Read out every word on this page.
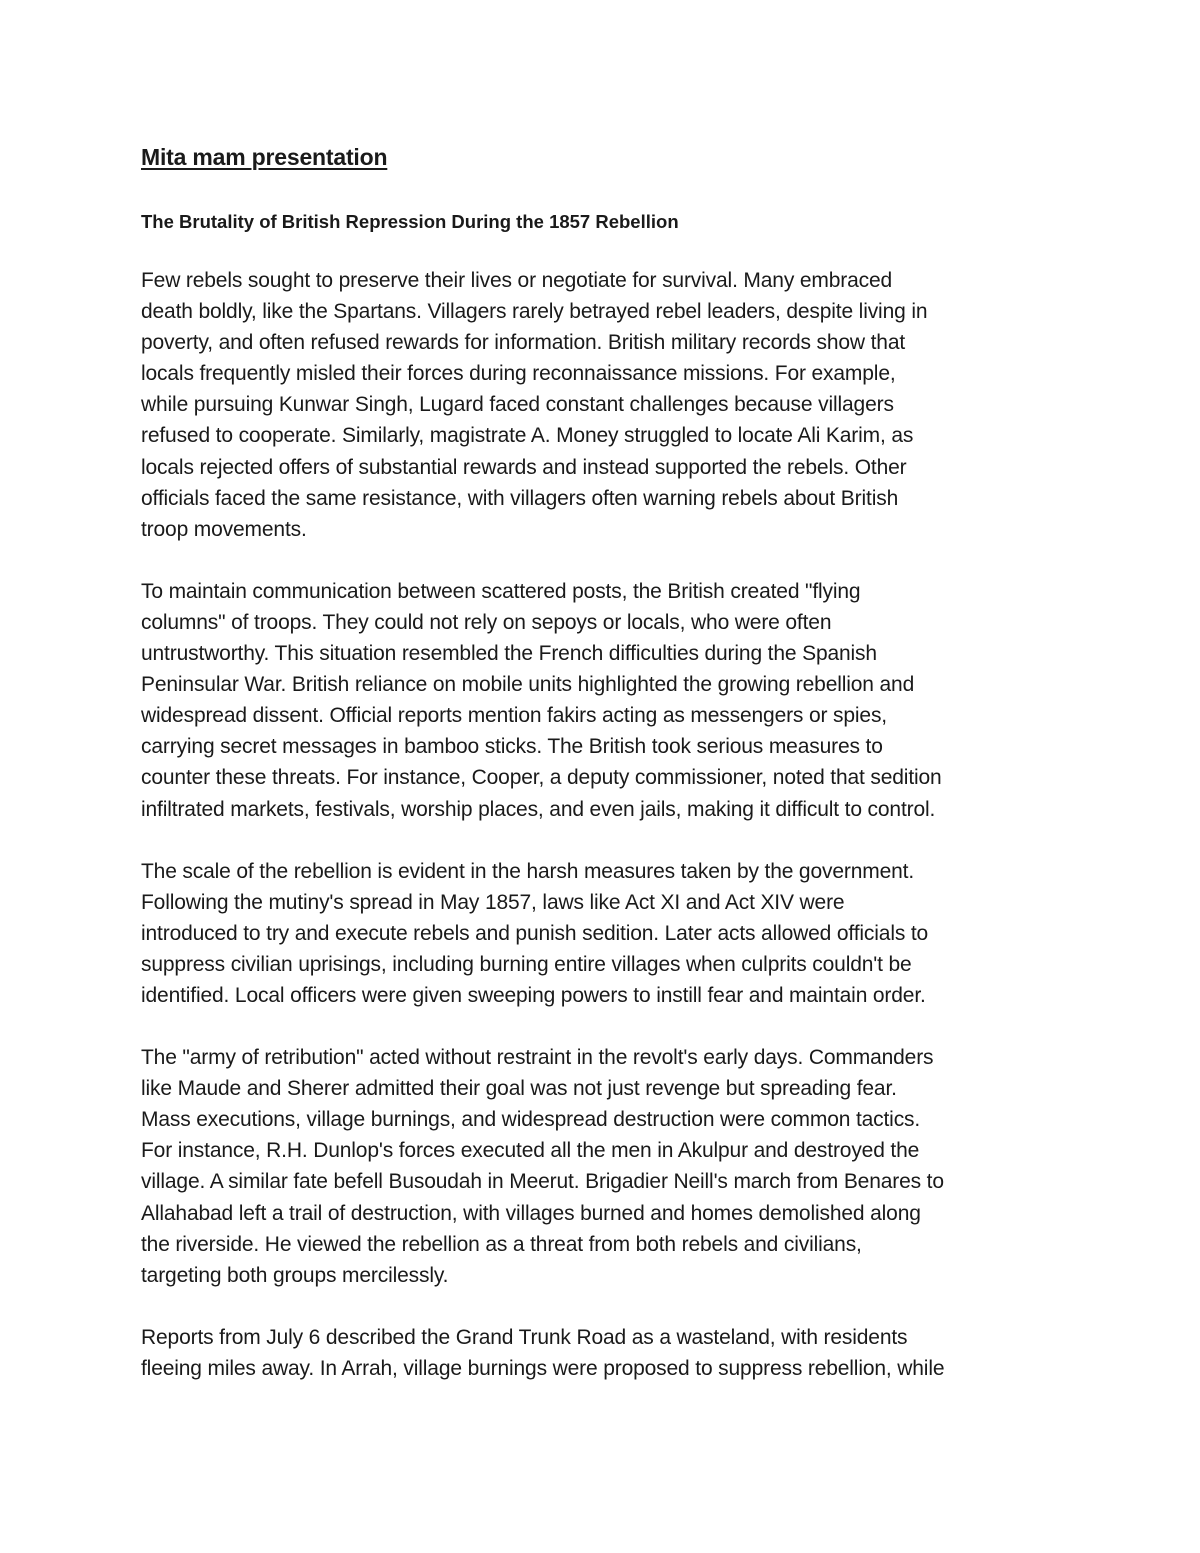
Mita mam presentation
The Brutality of British Repression During the 1857 Rebellion

Few rebels sought to preserve their lives or negotiate for survival. Many embraced
death boldly, like the Spartans. Villagers rarely betrayed rebel leaders, despite living in
poverty, and often refused rewards for information. British military records show that
locals frequently misled their forces during reconnaissance missions. For example,
while pursuing Kunwar Singh, Lugard faced constant challenges because villagers
refused to cooperate. Similarly, magistrate A. Money struggled to locate Ali Karim, as
locals rejected offers of substantial rewards and instead supported the rebels. Other
officials faced the same resistance, with villagers often warning rebels about British
troop movements.

To maintain communication between scattered posts, the British created "flying
columns" of troops. They could not rely on sepoys or locals, who were often
untrustworthy. This situation resembled the French difficulties during the Spanish
Peninsular War. British reliance on mobile units highlighted the growing rebellion and
widespread dissent. Official reports mention fakirs acting as messengers or spies,
carrying secret messages in bamboo sticks. The British took serious measures to
counter these threats. For instance, Cooper, a deputy commissioner, noted that sedition
infiltrated markets, festivals, worship places, and even jails, making it difficult to control.

The scale of the rebellion is evident in the harsh measures taken by the government.
Following the mutiny's spread in May 1857, laws like Act XI and Act XIV were
introduced to try and execute rebels and punish sedition. Later acts allowed officials to
suppress civilian uprisings, including burning entire villages when culprits couldn't be
identified. Local officers were given sweeping powers to instill fear and maintain order.

The "army of retribution" acted without restraint in the revolt's early days. Commanders
like Maude and Sherer admitted their goal was not just revenge but spreading fear.
Mass executions, village burnings, and widespread destruction were common tactics.
For instance, R.H. Dunlop's forces executed all the men in Akulpur and destroyed the
village. A similar fate befell Busoudah in Meerut. Brigadier Neill's march from Benares to
Allahabad left a trail of destruction, with villages burned and homes demolished along
the riverside. He viewed the rebellion as a threat from both rebels and civilians,
targeting both groups mercilessly.

Reports from July 6 described the Grand Trunk Road as a wasteland, with residents
fleeing miles away. In Arrah, village burnings were proposed to suppress rebellion, while
